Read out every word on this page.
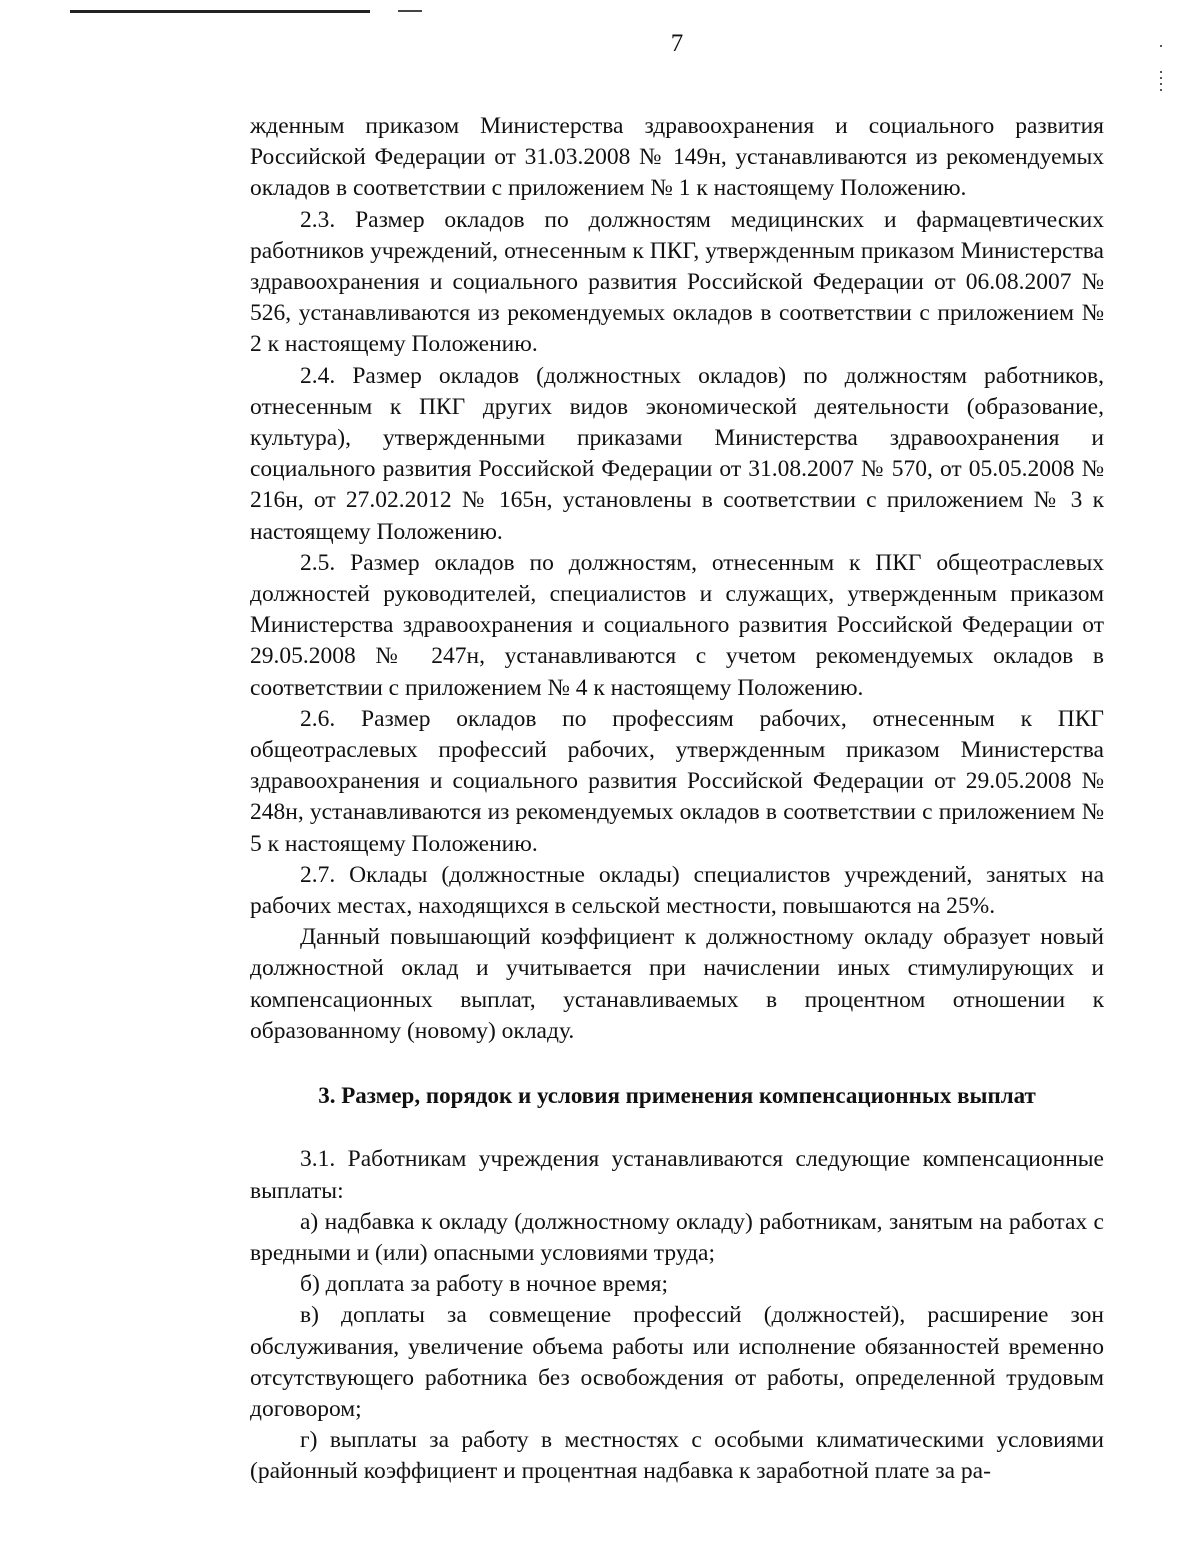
7

жденным приказом Министерства здравоохранения и социального развития Российской Федерации от 31.03.2008 № 149н, устанавливаются из рекомендуемых окладов в соответствии с приложением № 1 к настоящему Положению.

2.3. Размер окладов по должностям медицинских и фармацевтических работников учреждений, отнесенным к ПКГ, утвержденным приказом Министерства здравоохранения и социального развития Российской Федерации от 06.08.2007 № 526, устанавливаются из рекомендуемых окладов в соответствии с приложением № 2 к настоящему Положению.

2.4. Размер окладов (должностных окладов) по должностям работников, отнесенным к ПКГ других видов экономической деятельности (образование, культура), утвержденными приказами Министерства здравоохранения и социального развития Российской Федерации от 31.08.2007 № 570, от 05.05.2008 № 216н, от 27.02.2012 № 165н, установлены в соответствии с приложением № 3 к настоящему Положению.

2.5. Размер окладов по должностям, отнесенным к ПКГ общеотраслевых должностей руководителей, специалистов и служащих, утвержденным приказом Министерства здравоохранения и социального развития Российской Федерации от 29.05.2008 № 247н, устанавливаются с учетом рекомендуемых окладов в соответствии с приложением № 4 к настоящему Положению.

2.6. Размер окладов по профессиям рабочих, отнесенным к ПКГ общеотраслевых профессий рабочих, утвержденным приказом Министерства здравоохранения и социального развития Российской Федерации от 29.05.2008 № 248н, устанавливаются из рекомендуемых окладов в соответствии с приложением № 5 к настоящему Положению.

2.7. Оклады (должностные оклады) специалистов учреждений, занятых на рабочих местах, находящихся в сельской местности, повышаются на 25%.

Данный повышающий коэффициент к должностному окладу образует новый должностной оклад и учитывается при начислении иных стимулирующих и компенсационных выплат, устанавливаемых в процентном отношении к образованному (новому) окладу.

3. Размер, порядок и условия применения компенсационных выплат

3.1. Работникам учреждения устанавливаются следующие компенсационные выплаты:

а) надбавка к окладу (должностному окладу) работникам, занятым на работах с вредными и (или) опасными условиями труда;

б) доплата за работу в ночное время;

в) доплаты за совмещение профессий (должностей), расширение зон обслуживания, увеличение объема работы или исполнение обязанностей временно отсутствующего работника без освобождения от работы, определенной трудовым договором;

г) выплаты за работу в местностях с особыми климатическими условиями (районный коэффициент и процентная надбавка к заработной плате за ра-
